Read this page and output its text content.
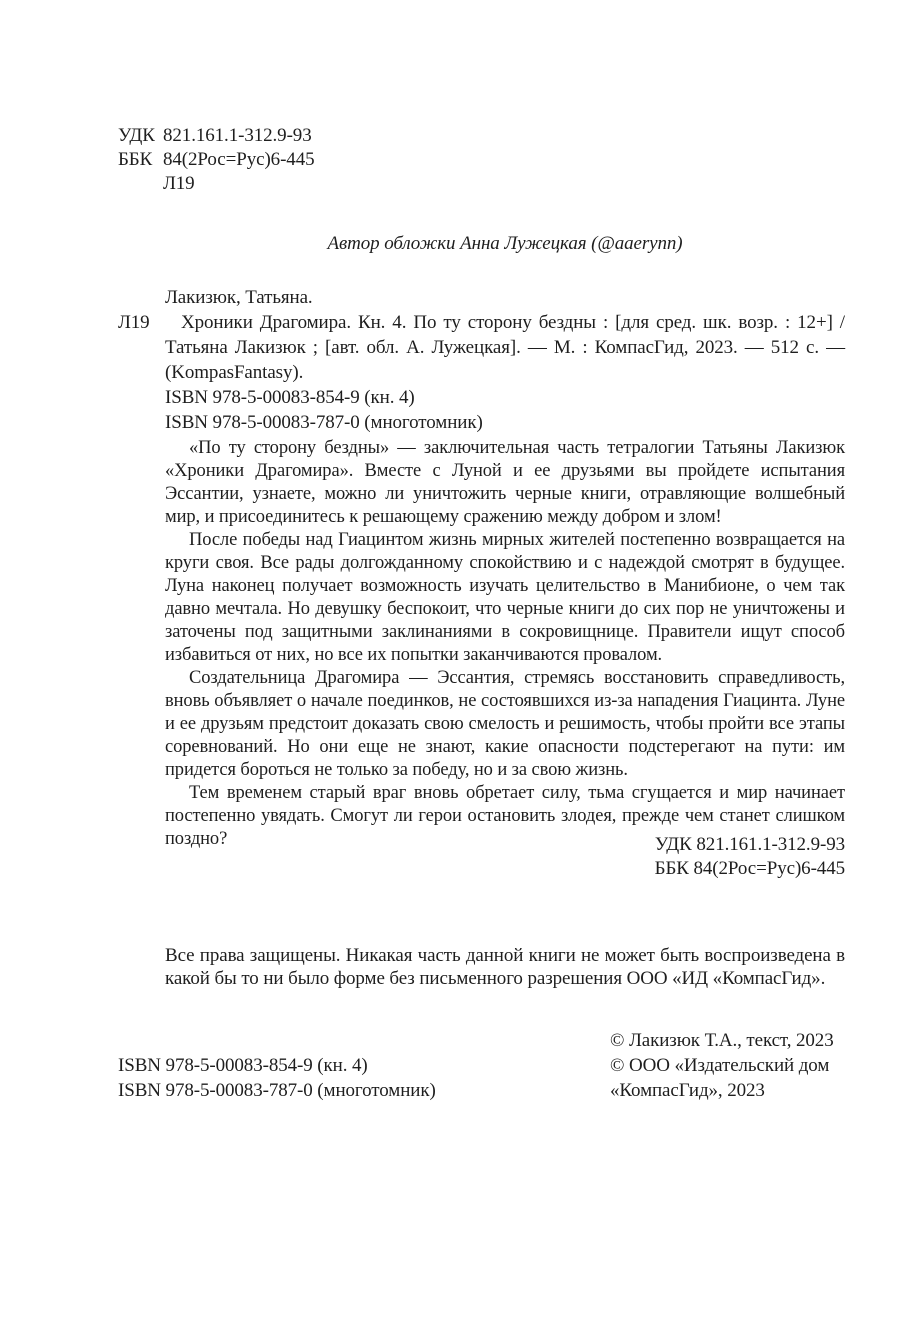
УДК 821.161.1-312.9-93
ББК 84(2Рос=Рус)6-445
Л19
Автор обложки Анна Лужецкая (@aaerynn)

Лакизюк, Татьяна.

Л19	Хроники Драгомира. Кн. 4. По ту сторону бездны : [для сред. шк. возр. : 12+] / Татьяна Лакизюк ; [авт. обл. А. Лужецкая]. — М. : КомпасГид, 2023. — 512 с. — (KompasFantasy).

ISBN 978-5-00083-854-9 (кн. 4)
ISBN 978-5-00083-787-0 (многотомник)

«По ту сторону бездны» — заключительная часть тетралогии Татьяны Лакизюк «Хроники Драгомира». Вместе с Луной и ее друзьями вы пройдете испытания Эссантии, узнаете, можно ли уничтожить черные книги, отравляющие волшебный мир, и присоединитесь к решающему сражению между добром и злом!

После победы над Гиацинтом жизнь мирных жителей постепенно возвращается на круги своя. Все рады долгожданному спокойствию и с надеждой смотрят в будущее. Луна наконец получает возможность изучать целительство в Манибионе, о чем так давно мечтала. Но девушку беспокоит, что черные книги до сих пор не уничтожены и заточены под защитными заклинаниями в сокровищнице. Правители ищут способ избавиться от них, но все их попытки заканчиваются провалом.

Создательница Драгомира — Эссантия, стремясь восстановить справедливость, вновь объявляет о начале поединков, не состоявшихся из-за нападения Гиацинта. Луне и ее друзьям предстоит доказать свою смелость и решимость, чтобы пройти все этапы соревнований. Но они еще не знают, какие опасности подстерегают на пути: им придется бороться не только за победу, но и за свою жизнь.

Тем временем старый враг вновь обретает силу, тьма сгущается и мир начинает постепенно увядать. Смогут ли герои остановить злодея, прежде чем станет слишком поздно?	УДК 821.161.1-312.9-93
ББК 84(2Рос=Рус)6-445

Все права защищены. Никакая часть данной книги не может быть воспроизведена в какой бы то ни было форме без письменного разрешения ООО «ИД «КомпасГид».

ISBN 978-5-00083-854-9 (кн. 4)
ISBN 978-5-00083-787-0 (многотомник)
© Лакизюк Т.А., текст, 2023
© ООО «Издательский дом
«КомпасГид», 2023
